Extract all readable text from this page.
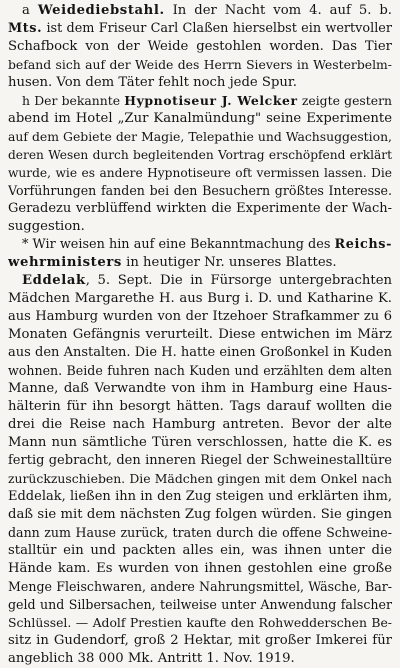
a Weidediebstahl. In der Nacht vom 4. auf 5. b.
Mts. ist dem Friseur Carl Claßen hierselbst ein wertvoller
Schafbock von der Weide gestohlen worden. Das Tier
befand sich auf der Weide des Herrn Sievers in Westerbelm-
husen. Von dem Täter fehlt noch jede Spur.
h Der bekannte Hypnotiseur J. Welcker zeigte gestern
abend im Hotel „Zur Kanalmündung" seine Experimente
auf dem Gebiete der Magie, Telepathie und Wachsuggestion,
deren Wesen durch begleitenden Vortrag erschöpfend erklärt
wurde, wie es andere Hypnotiseure oft vermissen lassen. Die
Vorführungen fanden bei den Besuchern größtes Interesse.
Geradezu verblüffend wirkten die Experimente der Wach-
suggestion.
* Wir weisen hin auf eine Bekanntmachung des Reichs-
wehrministers in heutiger Nr. unseres Blattes.
Eddelak, 5. Sept. Die in Fürsorge untergebrachten
Mädchen Margarethe H. aus Burg i. D. und Katharine K.
aus Hamburg wurden von der Itzehoer Strafkammer zu 6
Monaten Gefängnis verurteilt. Diese entwichen im März
aus den Anstalten. Die H. hatte einen Großonkel in Kuden
wohnen. Beide fuhren nach Kuden und erzählten dem alten
Manne, daß Verwandte von ihm in Hamburg eine Haus-
hälterin für ihn besorgt hätten. Tags darauf wollten die
drei die Reise nach Hamburg antreten. Bevor der alte
Mann nun sämtliche Türen verschlossen, hatte die K. es
fertig gebracht, den inneren Riegel der Schweinestalltüre
zurückzuschieben. Die Mädchen gingen mit dem Onkel nach
Eddelak, ließen ihn in den Zug steigen und erklärten ihm,
daß sie mit dem nächsten Zug folgen würden. Sie gingen
dann zum Hause zurück, traten durch die offene Schweine-
stalltür ein und packten alles ein, was ihnen unter die
Hände kam. Es wurden von ihnen gestohlen eine große
Menge Fleischwaren, andere Nahrungsmittel, Wäsche, Bar-
geld und Silbersachen, teilweise unter Anwendung falscher
Schlüssel. — Adolf Prestien kaufte den Rohwedderschen Be-
sitz in Gudendorf, groß 2 Hektar, mit großer Imkerei für
angeblich 38 000 Mk. Antritt 1. Nov. 1919.
